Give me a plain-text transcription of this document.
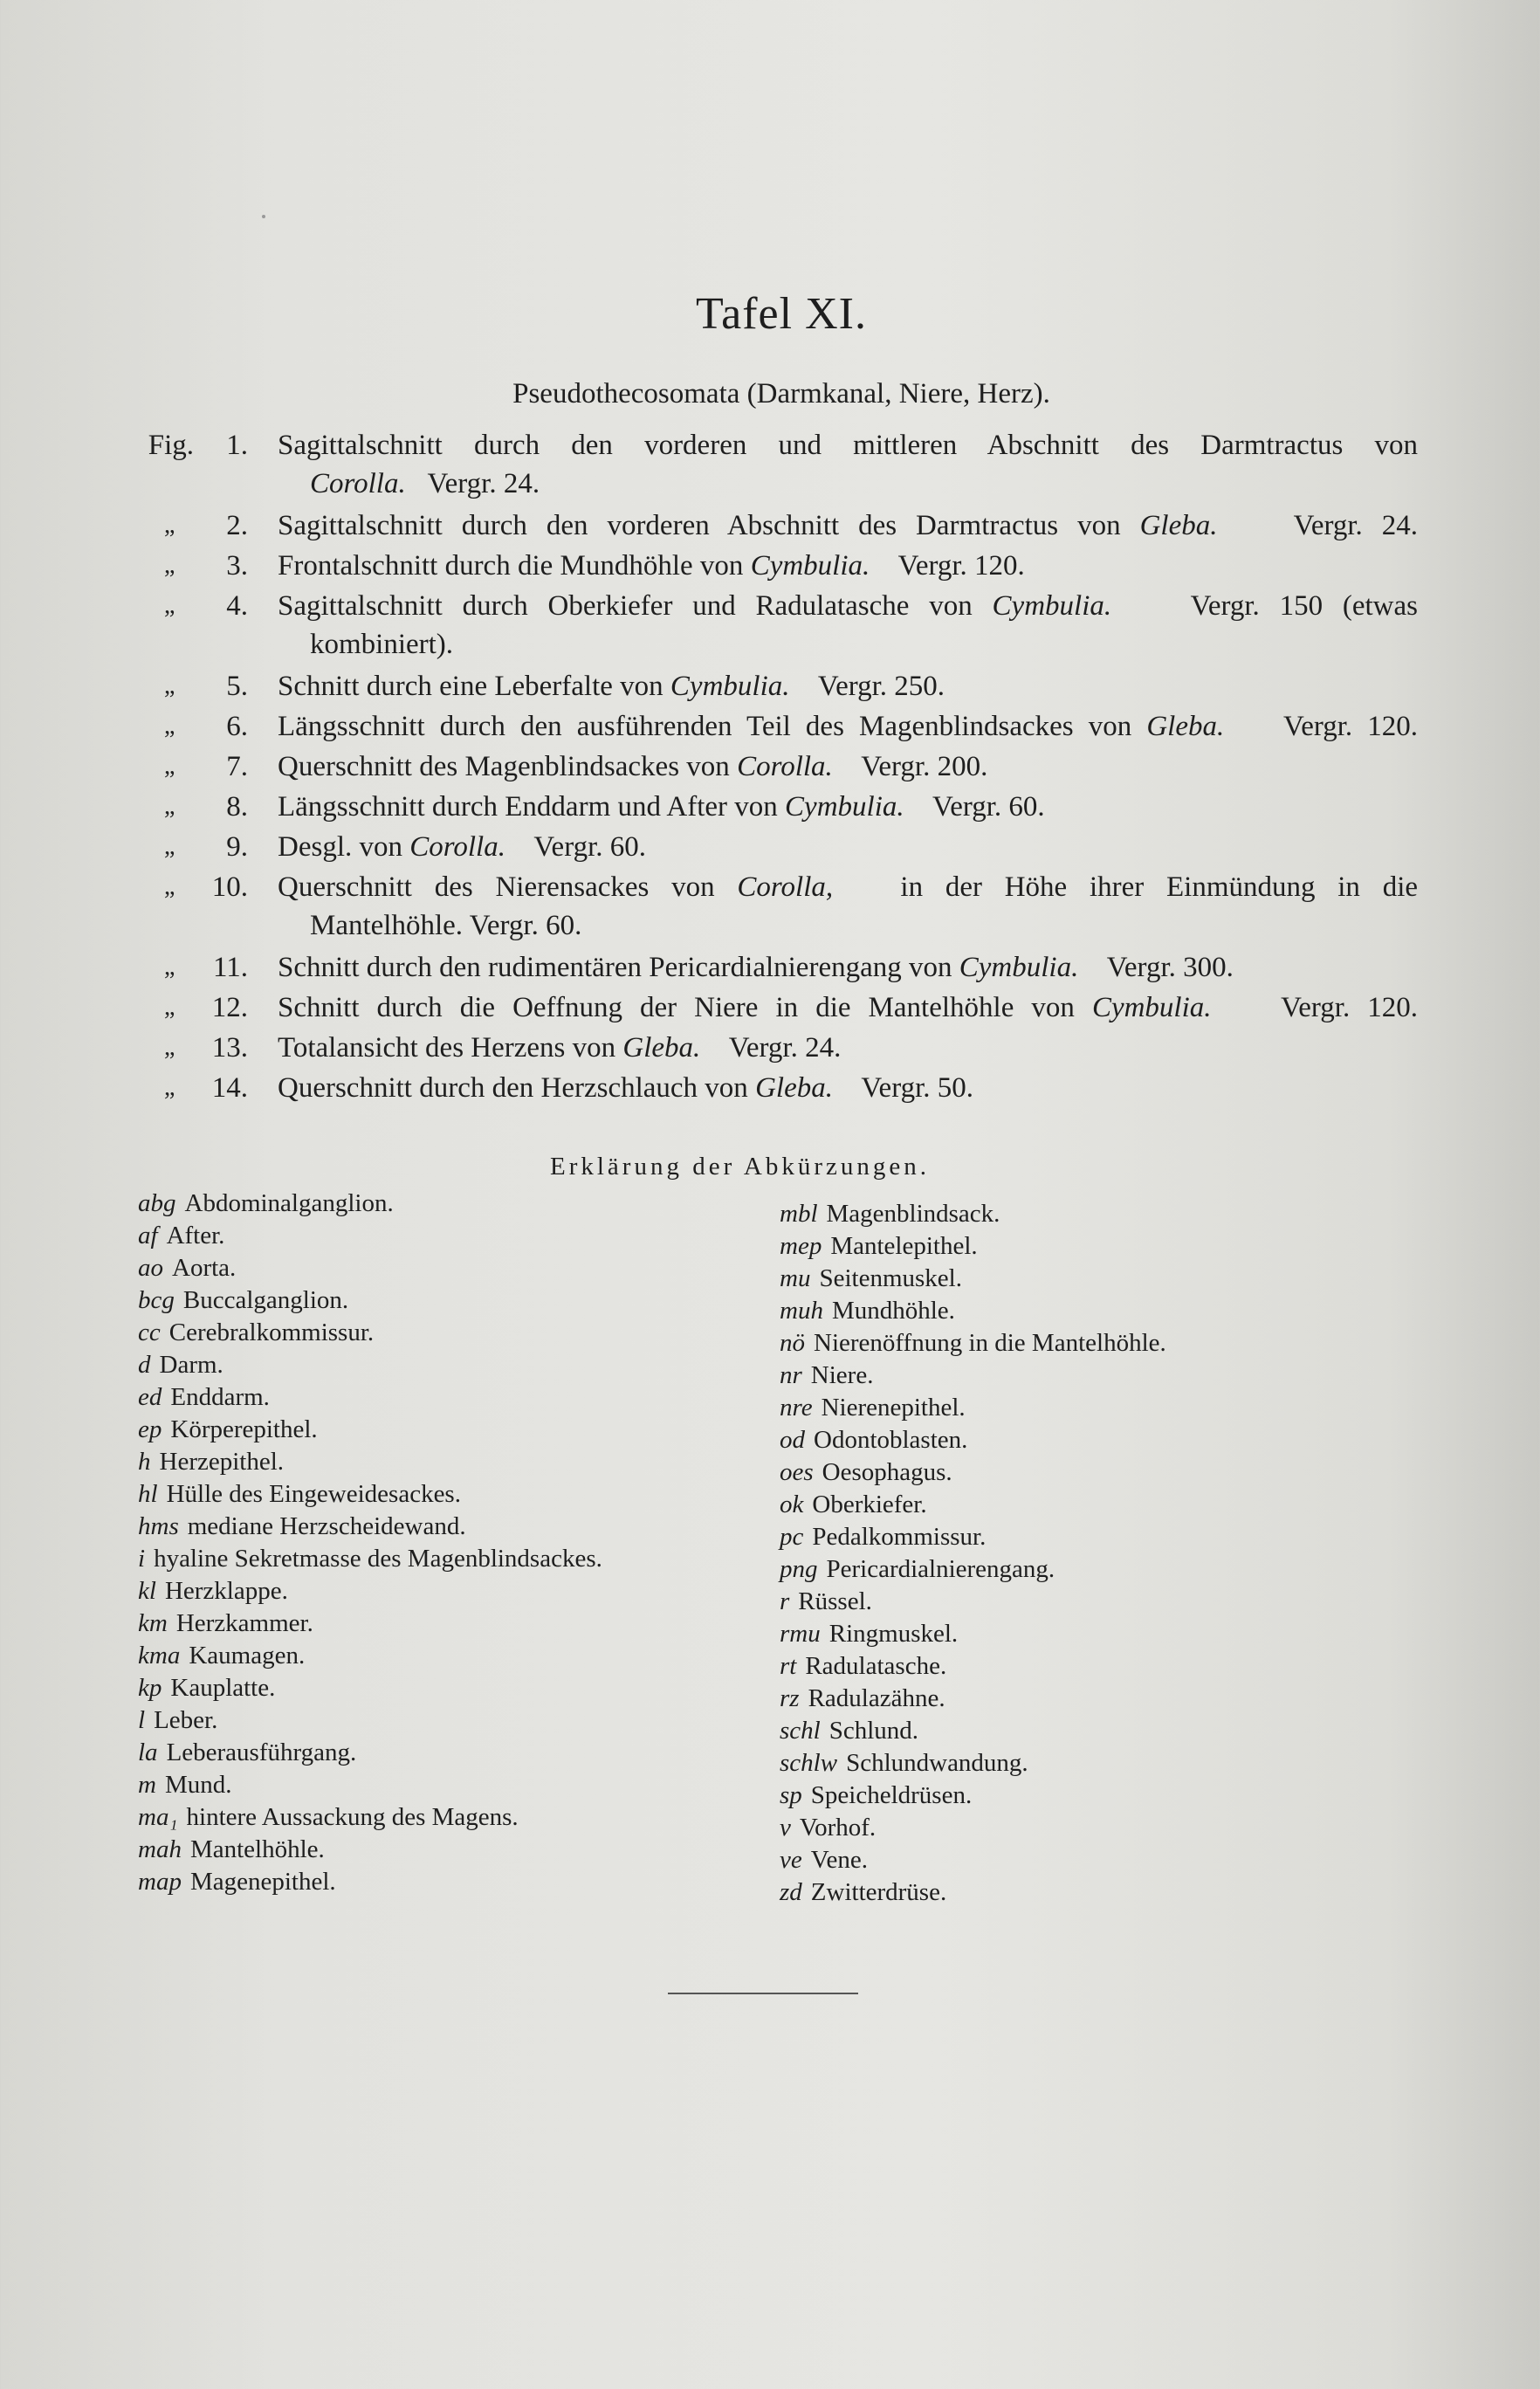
Tafel XI.
Pseudothecosomata (Darmkanal, Niere, Herz).
Fig. 1. Sagittalschnitt durch den vorderen und mittleren Abschnitt des Darmtractus von
Corolla. Vergr. 24.
„ 2. Sagittalschnitt durch den vorderen Abschnitt des Darmtractus von Gleba.	Vergr. 24.
„ 3. Frontalschnitt durch die Mundhöhle von Cymbulia. Vergr. 120.
„ 4. Sagittalschnitt durch Oberkiefer und Radulatasche von Cymbulia.	Vergr. 150 (etwas
kombiniert).
„ 5. Schnitt durch eine Leberfalte von Cymbulia. Vergr. 250.
„ 6. Längsschnitt durch den ausführenden Teil des Magenblindsackes von Gleba. Vergr. 120.
„ 7. Querschnitt des Magenblindsackes von Corolla. Vergr. 200.
„ 8. Längsschnitt durch Enddarm und After von Cymbulia. Vergr. 60.
„ 9. Desgl. von Corolla. Vergr. 60.
„ 10. Querschnitt des Nierensackes von Corolla, in der Höhe ihrer Einmündung in die
Mantelhöhle. Vergr. 60.
„ 11. Schnitt durch den rudimentären Pericardialnierengang von Cymbulia. Vergr. 300.
„ 12. Schnitt durch die Oeffnung der Niere in die Mantelhöhle von Cymbulia. Vergr. 120.
„ 13. Totalansicht des Herzens von Gleba. Vergr. 24.
„ 14. Querschnitt durch den Herzschlauch von Gleba. Vergr. 50.
Erklärung der Abkürzungen.
abg Abdominalganglion.
af After.
ao Aorta.
bcg Buccalganglion.
cc Cerebralkommissur.
d Darm.
ed Enddarm.
ep Körperepithel.
h Herzepithel.
hl Hülle des Eingeweidesackes.
hms mediane Herzscheidewand.
i hyaline Sekretmasse des Magenblindsackes.
kl Herzklappe.
km Herzkammer.
kma Kaumagen.
kp Kauplatte.
l Leber.
la Leberausführgang.
m Mund.
ma₁ hintere Aussackung des Magens.
mah Mantelhöhle.
map Magenepithel.
mbl Magenblindsack.
mep Mantelepithel.
mu Seitenmuskel.
muh Mundhöhle.
nö Nierenöffnung in die Mantelhöhle.
nr Niere.
nre Nierenepithel.
od Odontoblasten.
oes Oesophagus.
ok Oberkiefer.
pc Pedalkommissur.
png Pericardialnierengang.
r Rüssel.
rmu Ringmuskel.
rt Radulatasche.
rz Radulazähne.
schl Schlund.
schlw Schlundwandung.
sp Speicheldrüsen.
v Vorhof.
ve Vene.
zd Zwitterdrüse.
